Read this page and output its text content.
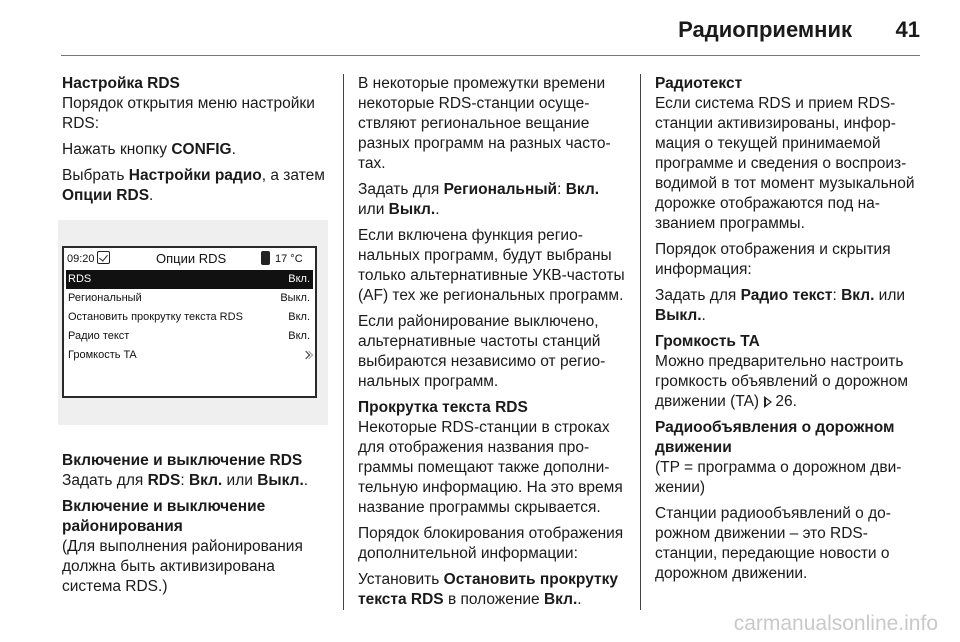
Радиоприемник 41

Настройка RDS

Порядок открытия меню настройки RDS:

Нажать кнопку CONFIG.

Выбрать Настройки радио, а затем Опции RDS.

09:20	Опции RDS	17 °C
RDS	Вкл.
Региональный	Выкл.
Остановить прокрутку текста RDS	Вкл.
Радио текст	Вкл.
Громкость TA

Включение и выключение RDS

Задать для RDS: Вкл. или Выкл..

Включение и выключение районирования

(Для выполнения районирования должна быть активизирована система RDS.)

В некоторые промежутки времени некоторые RDS-станции осуществляют региональное вещание разных программ на разных частотах.

Задать для Региональный: Вкл. или Выкл..

Если включена функция региональных программ, будут выбраны только альтернативные УКВ-частоты (AF) тех же региональных программ.

Если районирование выключено, альтернативные частоты станций выбираются независимо от региональных программ.

Прокрутка текста RDS

Некоторые RDS-станции в строках для отображения названия программы помещают также дополнительную информацию. На это время название программы скрывается.

Порядок блокирования отображения дополнительной информации:

Установить Остановить прокрутку текста RDS в положение Вкл..

Радиотекст

Если система RDS и прием RDS-станции активизированы, информация о текущей принимаемой программе и сведения о воспроизводимой в тот момент музыкальной дорожке отображаются под названием программы.

Порядок отображения и скрытия информация:

Задать для Радио текст: Вкл. или Выкл..

Громкость TA

Можно предварительно настроить громкость объявлений о дорожном движении (TA) 26.

Радиообъявления о дорожном движении

(TP = программа о дорожном движении)

Станции радиообъявлений о дорожном движении – это RDS-станции, передающие новости о дорожном движении.

carmanualsonline.info
